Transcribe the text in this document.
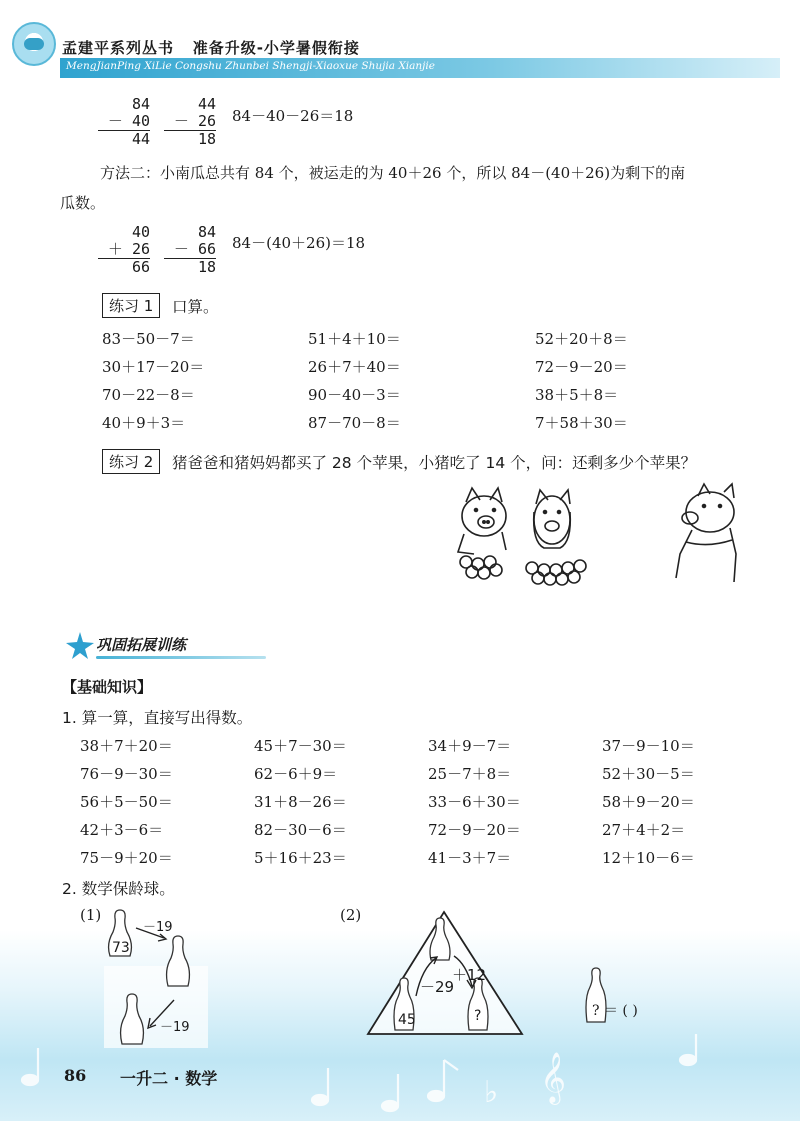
孟建平系列丛书 准备升级-小学暑假衔接
MengJianPing XiLie Congshu Zhunbei Shengji-Xiaoxue Shujia Xianjie
84
－ 40
44
44
－ 26
18
84－40－26＝18
方法二：小南瓜总共有 84 个，被运走的为 40＋26 个，所以 84－(40＋26)为剩下的南
瓜数。
40
＋ 26
66
84
－ 66
18
84－(40＋26)＝18
练习 1	口算。
83－50－7＝	51＋4＋10＝	52＋20＋8＝
30＋17－20＝	26＋7＋40＝	72－9－20＝
70－22－8＝	90－40－3＝	38＋5＋8＝
40＋9＋3＝	87－70－8＝	7＋58＋30＝
练习 2	猪爸爸和猪妈妈都买了 28 个苹果，小猪吃了 14 个，问：还剩多少个苹果？
巩固拓展训练
【基础知识】
1. 算一算，直接写出得数。
38＋7＋20＝	45＋7－30＝	34＋9－7＝	37－9－10＝
76－9－30＝	62－6＋9＝	25－7＋8＝	52＋30－5＝
56＋5－50＝	31＋8－26＝	33－6＋30＝	58＋9－20＝
42＋3－6＝	82－30－6＝	72－9－20＝	27＋4＋2＝
75－9＋20＝	5＋16＋23＝	41－3＋7＝	12＋10－6＝
2. 数学保龄球。
(1)
73
－19
－19
(2)
45
－29
＋12
?	? ＝ ( )
𝄞
♭
86 一升二 · 数学
